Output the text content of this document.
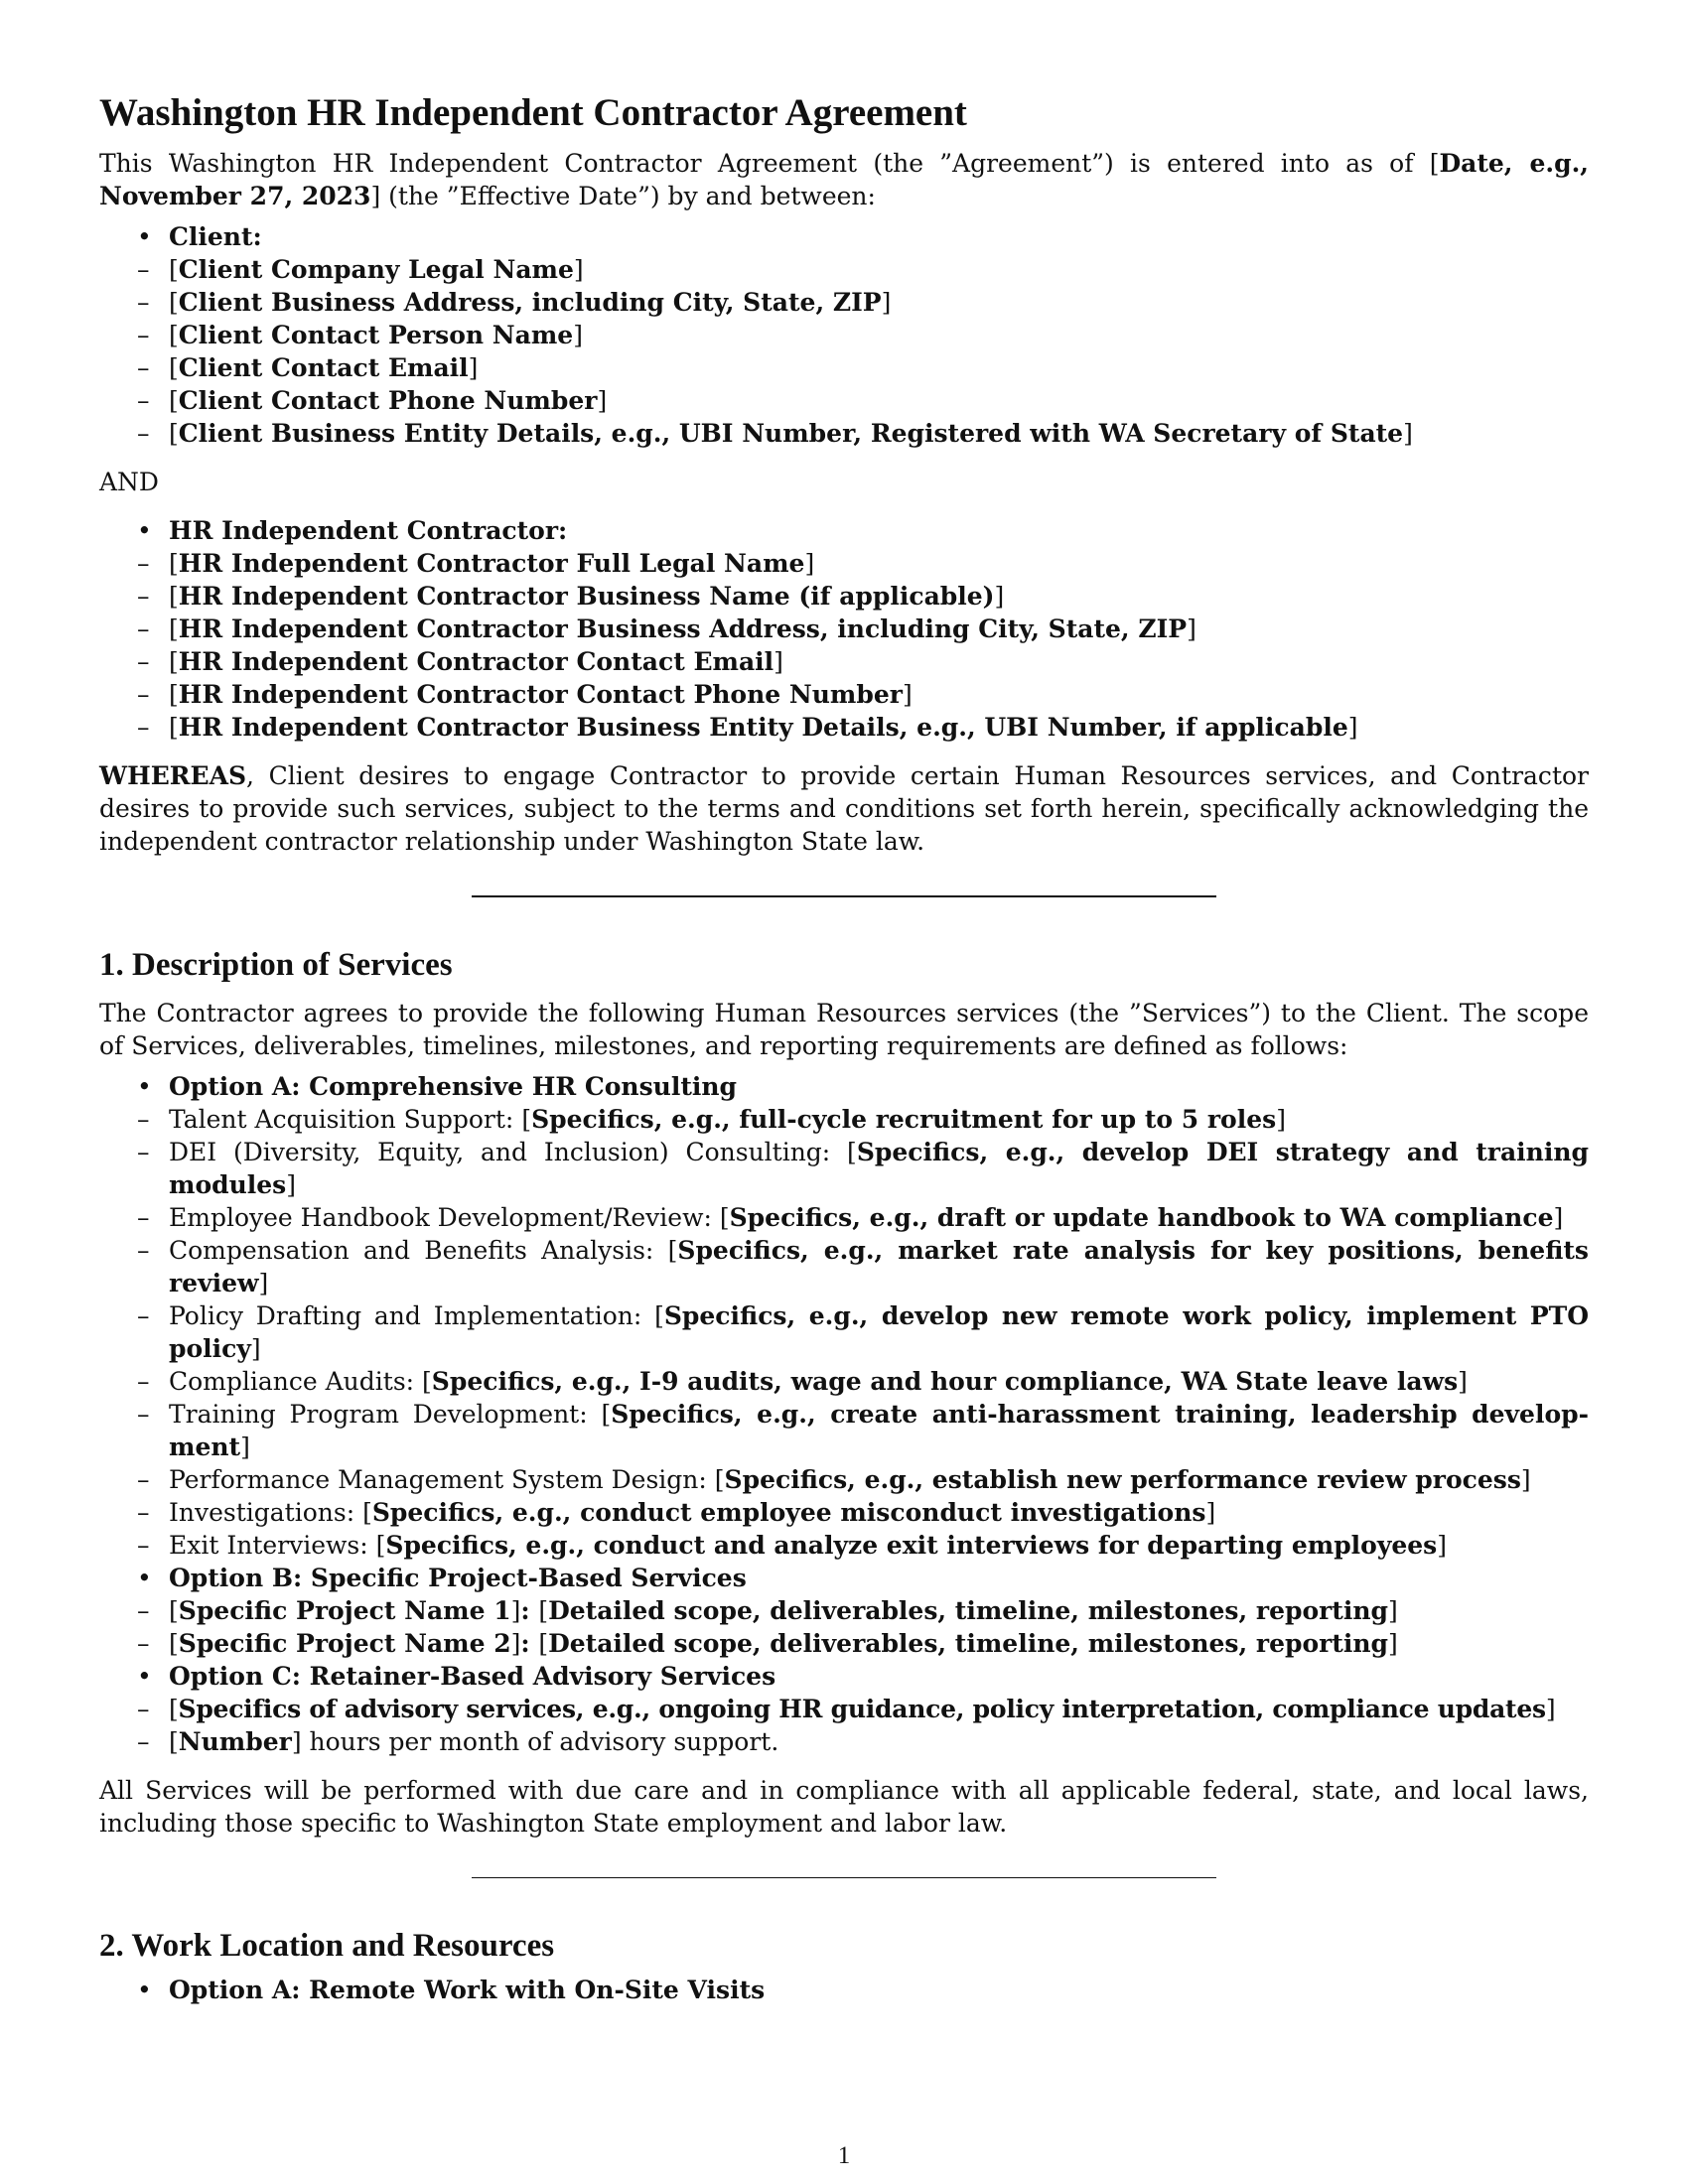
Washington HR Independent Contractor Agreement

This Washington HR Independent Contractor Agreement (the ”Agreement”) is entered into as of [Date, e.g., November 27, 2023] (the ”Effective Date”) by and between:

• Client:
– [Client Company Legal Name]
– [Client Business Address, including City, State, ZIP]
– [Client Contact Person Name]
– [Client Contact Email]
– [Client Contact Phone Number]
– [Client Business Entity Details, e.g., UBI Number, Registered with WA Secretary of State]

AND

• HR Independent Contractor:
– [HR Independent Contractor Full Legal Name]
– [HR Independent Contractor Business Name (if applicable)]
– [HR Independent Contractor Business Address, including City, State, ZIP]
– [HR Independent Contractor Contact Email]
– [HR Independent Contractor Contact Phone Number]
– [HR Independent Contractor Business Entity Details, e.g., UBI Number, if applicable]

WHEREAS, Client desires to engage Contractor to provide certain Human Resources services, and Contractor desires to provide such services, subject to the terms and conditions set forth herein, specifically acknowledging the independent contractor relationship under Washington State law.

1. Description of Services

The Contractor agrees to provide the following Human Resources services (the ”Services”) to the Client. The scope of Services, deliverables, timelines, milestones, and reporting requirements are defined as follows:

• Option A: Comprehensive HR Consulting
– Talent Acquisition Support: [Specifics, e.g., full-cycle recruitment for up to 5 roles]
– DEI (Diversity, Equity, and Inclusion) Consulting: [Specifics, e.g., develop DEI strategy and training modules]
– Employee Handbook Development/Review: [Specifics, e.g., draft or update handbook to WA compliance]
– Compensation and Benefits Analysis: [Specifics, e.g., market rate analysis for key positions, benefits review]
– Policy Drafting and Implementation: [Specifics, e.g., develop new remote work policy, implement PTO policy]
– Compliance Audits: [Specifics, e.g., I-9 audits, wage and hour compliance, WA State leave laws]
– Training Program Development: [Specifics, e.g., create anti-harassment training, leadership develop-ment]
– Performance Management System Design: [Specifics, e.g., establish new performance review process]
– Investigations: [Specifics, e.g., conduct employee misconduct investigations]
– Exit Interviews: [Specifics, e.g., conduct and analyze exit interviews for departing employees]
• Option B: Specific Project-Based Services
– [Specific Project Name 1]: [Detailed scope, deliverables, timeline, milestones, reporting]
– [Specific Project Name 2]: [Detailed scope, deliverables, timeline, milestones, reporting]
• Option C: Retainer-Based Advisory Services
– [Specifics of advisory services, e.g., ongoing HR guidance, policy interpretation, compliance updates]
– [Number] hours per month of advisory support.

All Services will be performed with due care and in compliance with all applicable federal, state, and local laws, including those specific to Washington State employment and labor law.

2. Work Location and Resources
• Option A: Remote Work with On-Site Visits
1
